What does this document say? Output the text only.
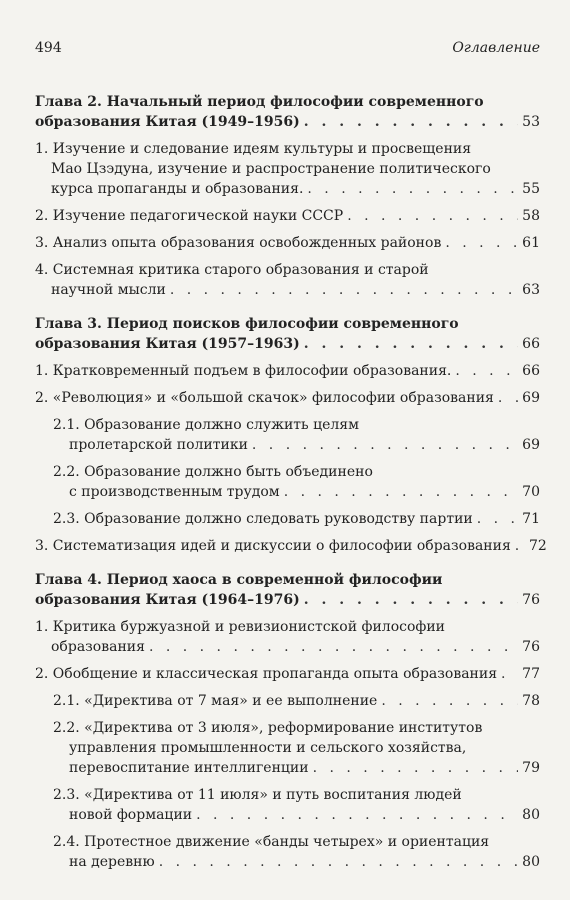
494	Оглавление
Глава 2. Начальный период философии современного
образования Китая (1949–1956) . . .	53
1. Изучение и следование идеям культуры и просвещения
Мао Цзэдуна, изучение и распространение политического
курса пропаганды и образования. . . .	55
2. Изучение педагогической науки СССР . . .	58
3. Анализ опыта образования освобожденных районов . . .	61
4. Системная критика старого образования и старой
научной мысли . . .	63
Глава 3. Период поисков философии современного
образования Китая (1957–1963) . . .	66
1. Кратковременный подъем в философии образования. . . .	66
2. «Революция» и «большой скачок» философии образования . . . 69
2.1. Образование должно служить целям
пролетарской политики . . .	69
2.2. Образование должно быть объединено
с производственным трудом . . .	70
2.3. Образование должно следовать руководству партии . . .	71
3. Систематизация идей и дискуссии о философии образования . . . 72
Глава 4. Период хаоса в современной философии
образования Китая (1964–1976) . . .	76
1. Критика буржуазной и ревизионистской философии
образования . . .	76
2. Обобщение и классическая пропаганда опыта образования . . . 77
2.1. «Директива от 7 мая» и ее выполнение . . .	78
2.2. «Директива от 3 июля», реформирование институтов
управления промышленности и сельского хозяйства,
перевоспитание интеллигенции . . .	79
2.3. «Директива от 11 июля» и путь воспитания людей
новой формации . . .	80
2.4. Протестное движение «банды четырех» и ориентация
на деревню . . .	80
